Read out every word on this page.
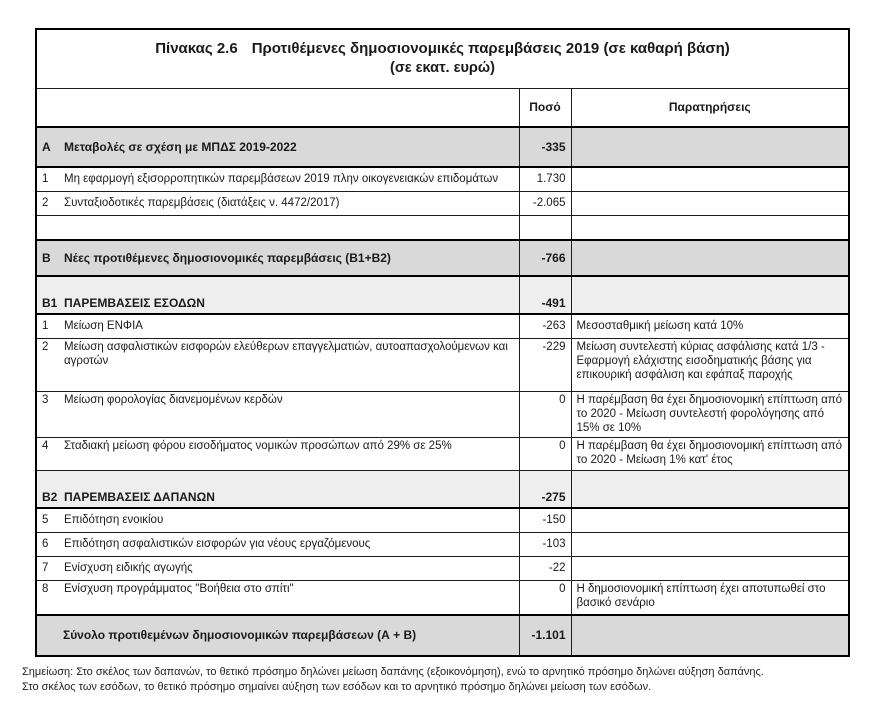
Πίνακας 2.6 Προτιθέμενες δημοσιονομικές παρεμβάσεις 2019 (σε καθαρή βάση)
(σε εκατ. ευρώ)		

	Ποσό	Παρατηρήσεις

Α Μεταβολές σε σχέση με ΜΠΔΣ 2019-2022	-335	

1 Μη εφαρμογή εξισορροπητικών παρεμβάσεων 2019 πλην οικογενειακών επιδομάτων	1.730	

2 Συνταξιοδοτικές παρεμβάσεις (διατάξεις ν. 4472/2017)	-2.065	

Β Νέες προτιθέμενες δημοσιονομικές παρεμβάσεις (Β1+Β2)	-766	

Β1 ΠΑΡΕΜΒΑΣΕΙΣ ΕΣΟΔΩΝ	-491	

1 Μείωση ΕΝΦΙΑ	-263	Μεσοσταθμική μείωση κατά 10%

2 Μείωση ασφαλιστικών εισφορών ελεύθερων επαγγελματιών, αυτοαπασχολούμενων και αγροτών	-229	Μείωση συντελεστή κύριας ασφάλισης κατά 1/3 - Εφαρμογή ελάχιστης εισοδηματικής βάσης για επικουρική ασφάλιση και εφάπαξ παροχής

3 Μείωση φορολογίας διανεμομένων κερδών	0	Η παρέμβαση θα έχει δημοσιονομική επίπτωση από το 2020 - Μείωση συντελεστή φορολόγησης από 15% σε 10%

4 Σταδιακή μείωση φόρου εισοδήματος νομικών προσώπων από 29% σε 25%	0	Η παρέμβαση θα έχει δημοσιονομική επίπτωση από το 2020 - Μείωση 1% κατ' έτος

Β2 ΠΑΡΕΜΒΑΣΕΙΣ ΔΑΠΑΝΩΝ	-275	

5 Επιδότηση ενοικίου	-150	

6 Επιδότηση ασφαλιστικών εισφορών για νέους εργαζόμενους	-103	

7 Ενίσχυση ειδικής αγωγής	-22	

8 Ενίσχυση προγράμματος "Βοήθεια στο σπίτι"	0	Η δημοσιονομική επίπτωση έχει αποτυπωθεί στο βασικό σενάριο

Σύνολο προτιθεμένων δημοσιονομικών παρεμβάσεων (Α + Β)	-1.101	
Σημείωση: Στο σκέλος των δαπανών, το θετικό πρόσημο δηλώνει μείωση δαπάνης (εξοικονόμηση), ενώ το αρνητικό πρόσημο δηλώνει αύξηση δαπάνης.
Στο σκέλος των εσόδων, το θετικό πρόσημο σημαίνει αύξηση των εσόδων και το αρνητικό πρόσημο δηλώνει μείωση των εσόδων.
